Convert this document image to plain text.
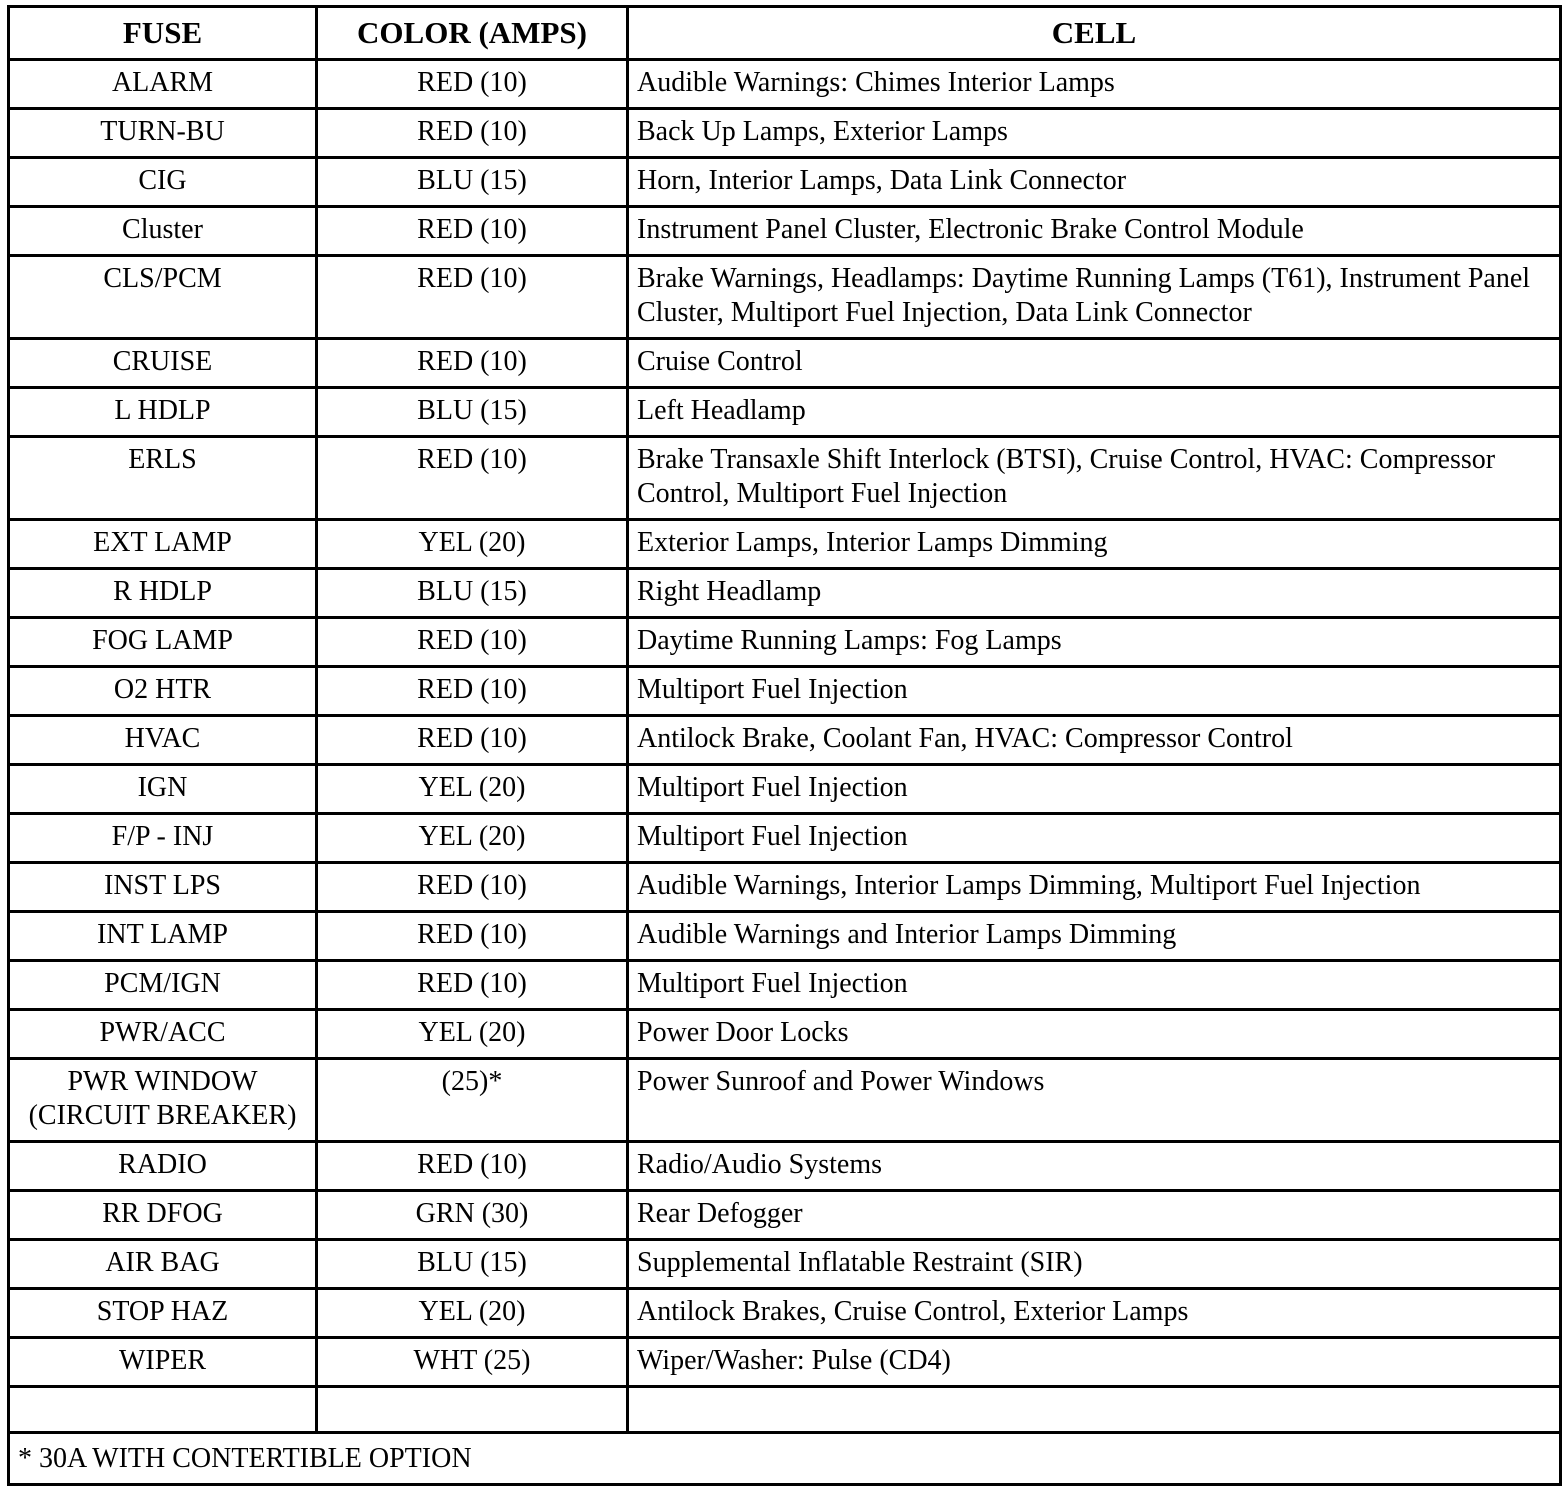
FUSE	COLOR (AMPS)	CELL
ALARM	RED (10)	Audible Warnings: Chimes Interior Lamps
TURN-BU	RED (10)	Back Up Lamps, Exterior Lamps
CIG	BLU (15)	Horn, Interior Lamps, Data Link Connector
Cluster	RED (10)	Instrument Panel Cluster, Electronic Brake Control Module
CLS/PCM	RED (10)	Brake Warnings, Headlamps: Daytime Running Lamps (T61), Instrument Panel Cluster, Multiport Fuel Injection, Data Link Connector
CRUISE	RED (10)	Cruise Control
L HDLP	BLU (15)	Left Headlamp
ERLS	RED (10)	Brake Transaxle Shift Interlock (BTSI), Cruise Control, HVAC: Compressor Control, Multiport Fuel Injection
EXT LAMP	YEL (20)	Exterior Lamps, Interior Lamps Dimming
R HDLP	BLU (15)	Right Headlamp
FOG LAMP	RED (10)	Daytime Running Lamps: Fog Lamps
O2 HTR	RED (10)	Multiport Fuel Injection
HVAC	RED (10)	Antilock Brake, Coolant Fan, HVAC: Compressor Control
IGN	YEL (20)	Multiport Fuel Injection
F/P - INJ	YEL (20)	Multiport Fuel Injection
INST LPS	RED (10)	Audible Warnings, Interior Lamps Dimming, Multiport Fuel Injection
INT LAMP	RED (10)	Audible Warnings and Interior Lamps Dimming
PCM/IGN	RED (10)	Multiport Fuel Injection
PWR/ACC	YEL (20)	Power Door Locks

PWR WINDOW
(CIRCUIT BREAKER)	(25)*	Power Sunroof and Power Windows
RADIO	RED (10)	Radio/Audio Systems
RR DFOG	GRN (30)	Rear Defogger
AIR BAG	BLU (15)	Supplemental Inflatable Restraint (SIR)
STOP HAZ	YEL (20)	Antilock Brakes, Cruise Control, Exterior Lamps
WIPER	WHT (25)	Wiper/Washer: Pulse (CD4)

* 30A WITH CONTERTIBLE OPTION		
